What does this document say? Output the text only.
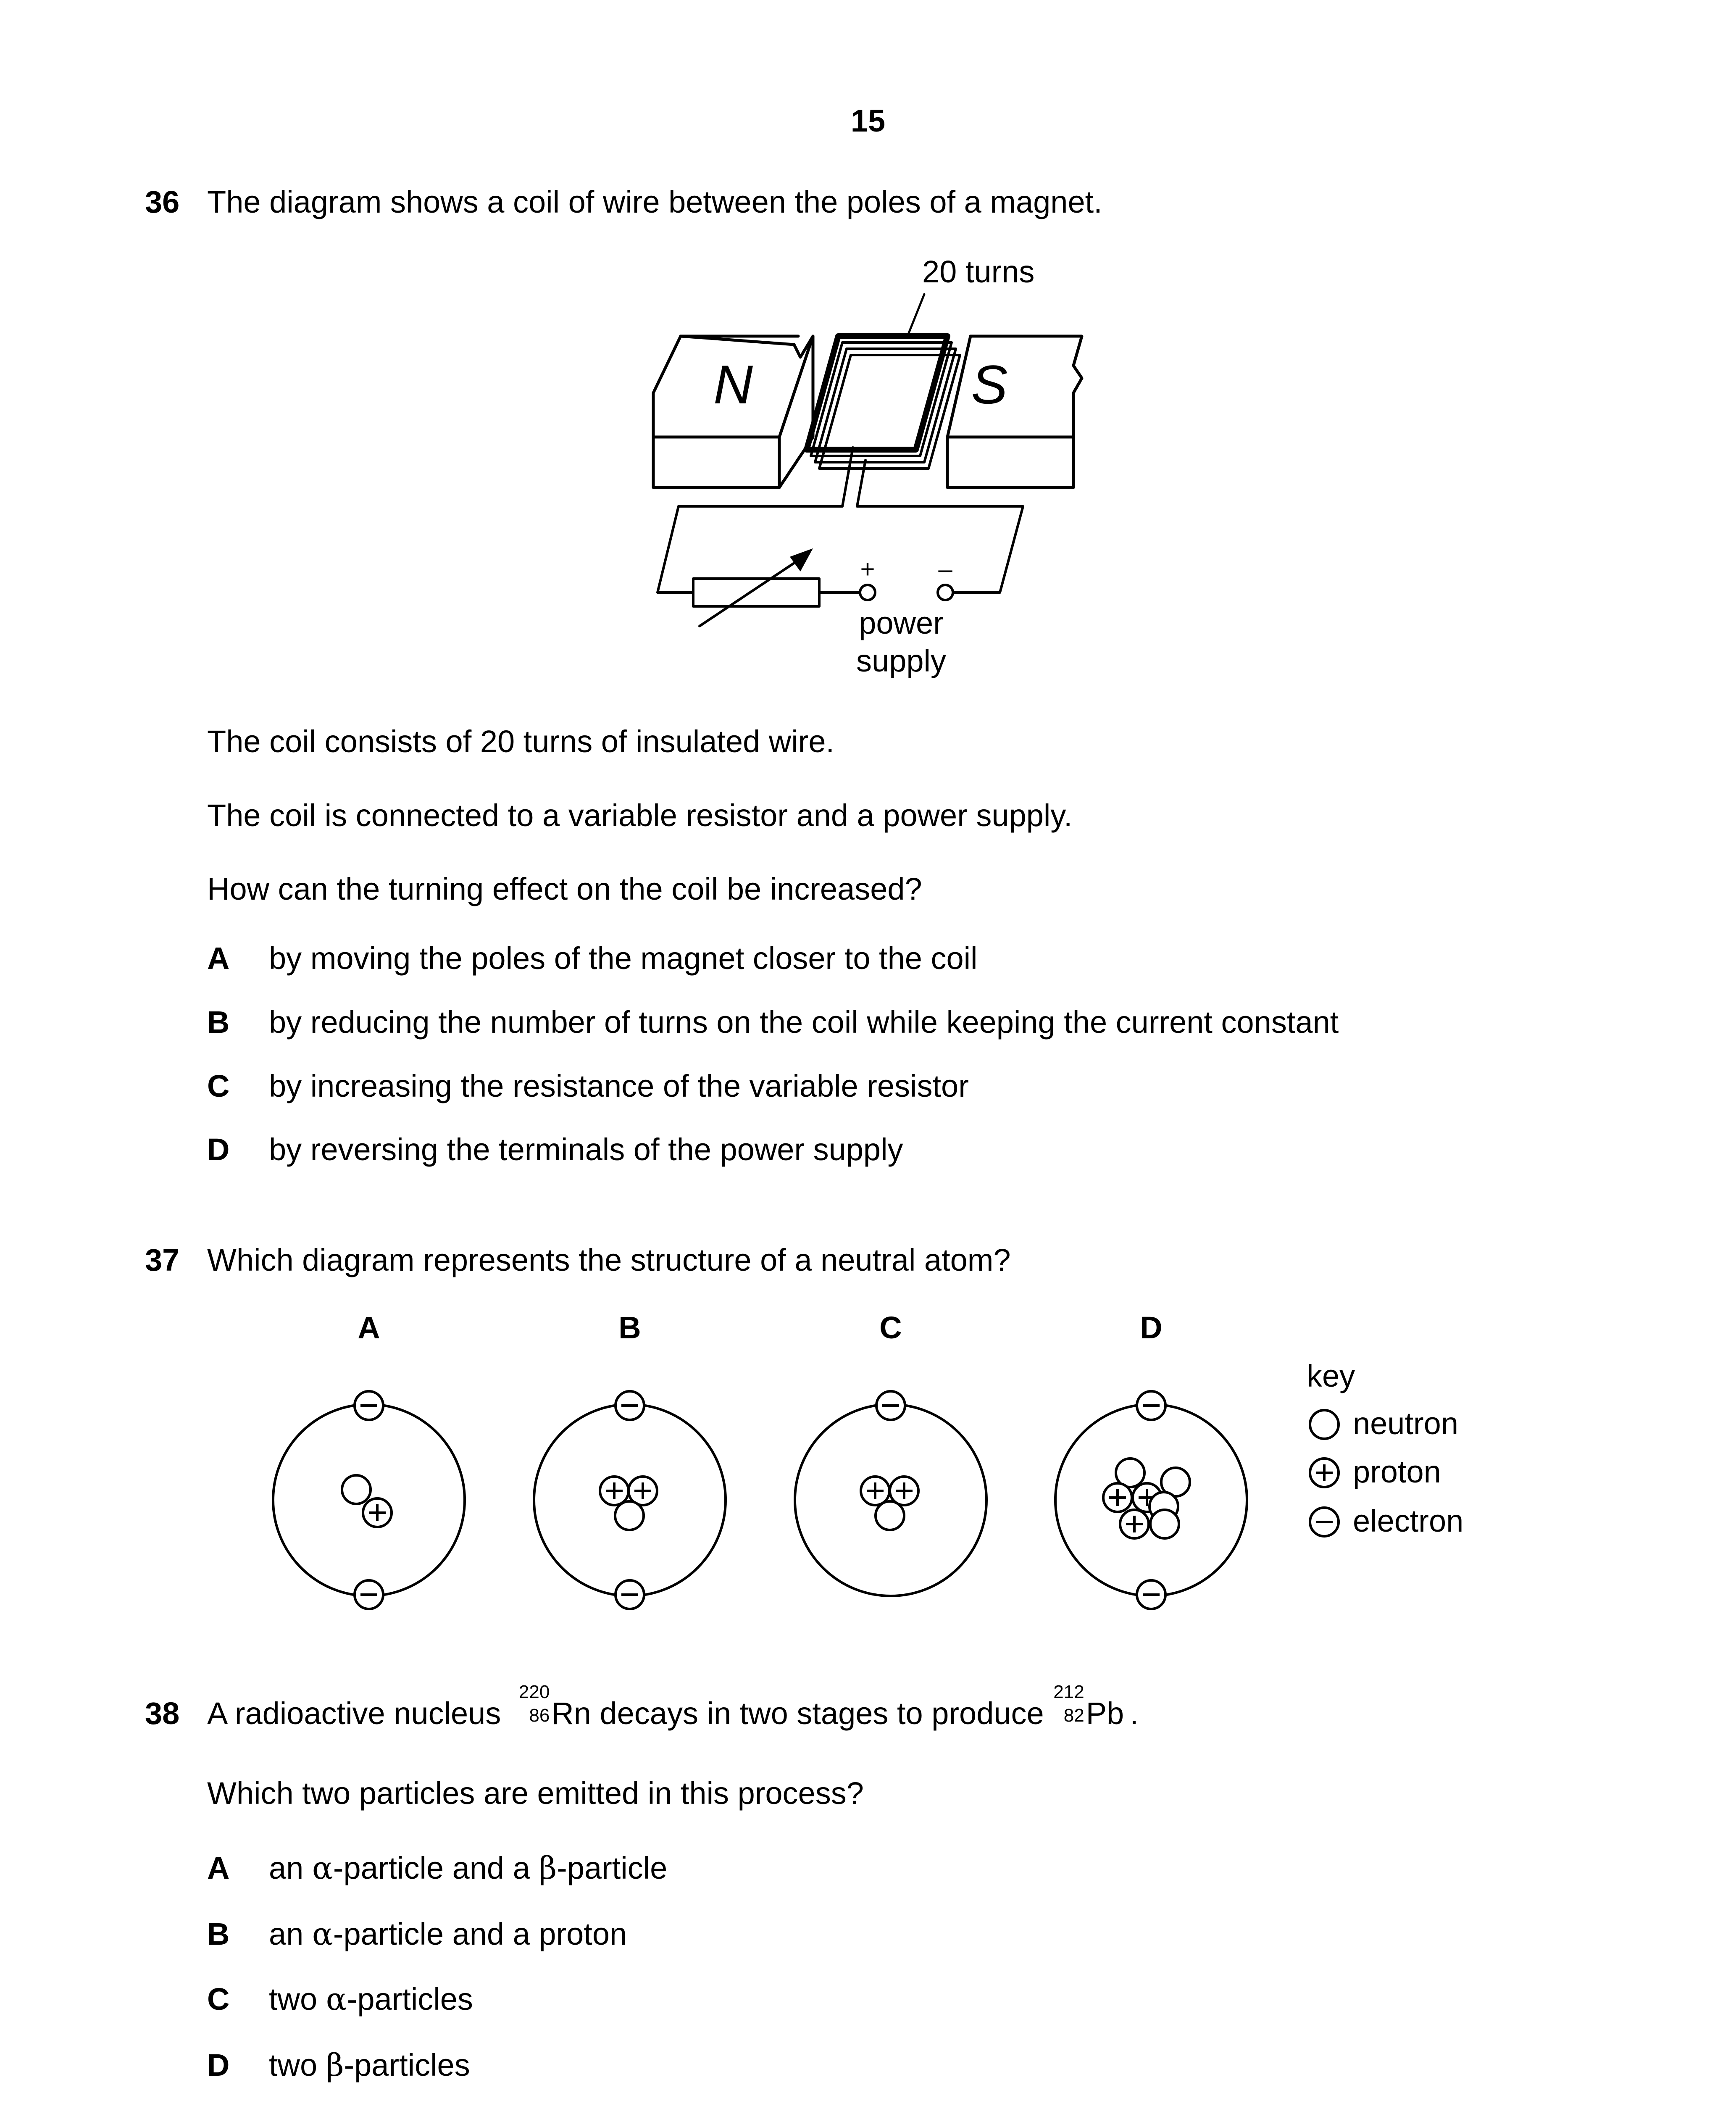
15
36 The diagram shows a coil of wire between the poles of a magnet.
20 turns
N	S
+	–
power
supply
The coil consists of 20 turns of insulated wire.
The coil is connected to a variable resistor and a power supply.
How can the turning effect on the coil be increased?
A by moving the poles of the magnet closer to the coil
B by reducing the number of turns on the coil while keeping the current constant
C by increasing the resistance of the variable resistor
D by reversing the terminals of the power supply
37 Which diagram represents the structure of a neutral atom?
A	B	C	D
key
neutron
proton
electron
38 A radioactive nucleus
220
86 Rn decays in two stages to produce
212
82 Pb .
Which two particles are emitted in this process?
A an α-particle and a β-particle
B an α-particle and a proton
C two α-particles
D two β-particles
